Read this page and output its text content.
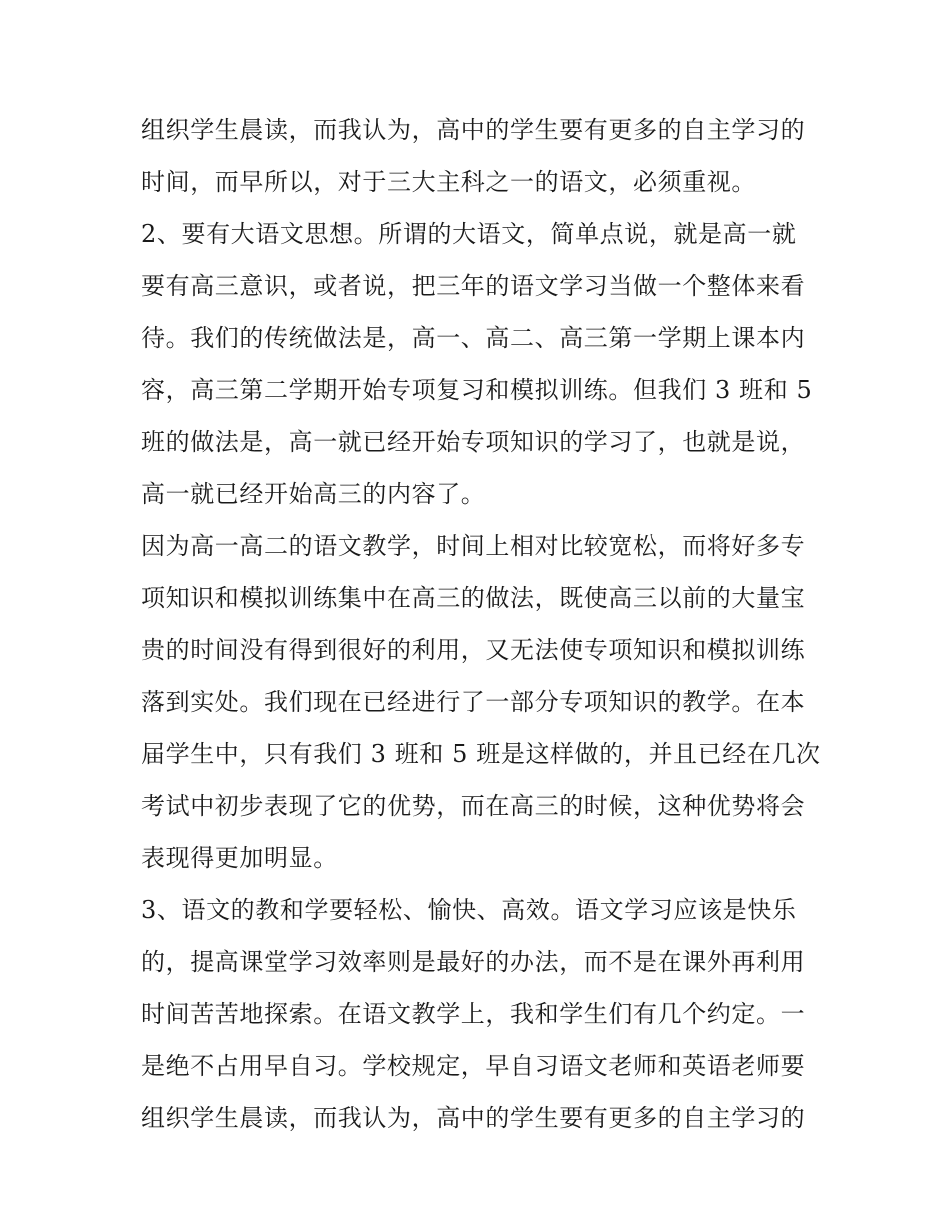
组织学生晨读，而我认为，高中的学生要有更多的自主学习的
时间，而早所以，对于三大主科之一的语文，必须重视。
2、要有大语文思想。所谓的大语文，简单点说，就是高一就
要有高三意识，或者说，把三年的语文学习当做一个整体来看
待。我们的传统做法是，高一、高二、高三第一学期上课本内
容，高三第二学期开始专项复习和模拟训练。但我们 3 班和 5
班的做法是，高一就已经开始专项知识的学习了，也就是说，
高一就已经开始高三的内容了。
因为高一高二的语文教学，时间上相对比较宽松，而将好多专
项知识和模拟训练集中在高三的做法，既使高三以前的大量宝
贵的时间没有得到很好的利用，又无法使专项知识和模拟训练
落到实处。我们现在已经进行了一部分专项知识的教学。在本
届学生中，只有我们 3 班和 5 班是这样做的，并且已经在几次
考试中初步表现了它的优势，而在高三的时候，这种优势将会
表现得更加明显。
3、语文的教和学要轻松、愉快、高效。语文学习应该是快乐
的，提高课堂学习效率则是最好的办法，而不是在课外再利用
时间苦苦地探索。在语文教学上，我和学生们有几个约定。一
是绝不占用早自习。学校规定，早自习语文老师和英语老师要
组织学生晨读，而我认为，高中的学生要有更多的自主学习的
